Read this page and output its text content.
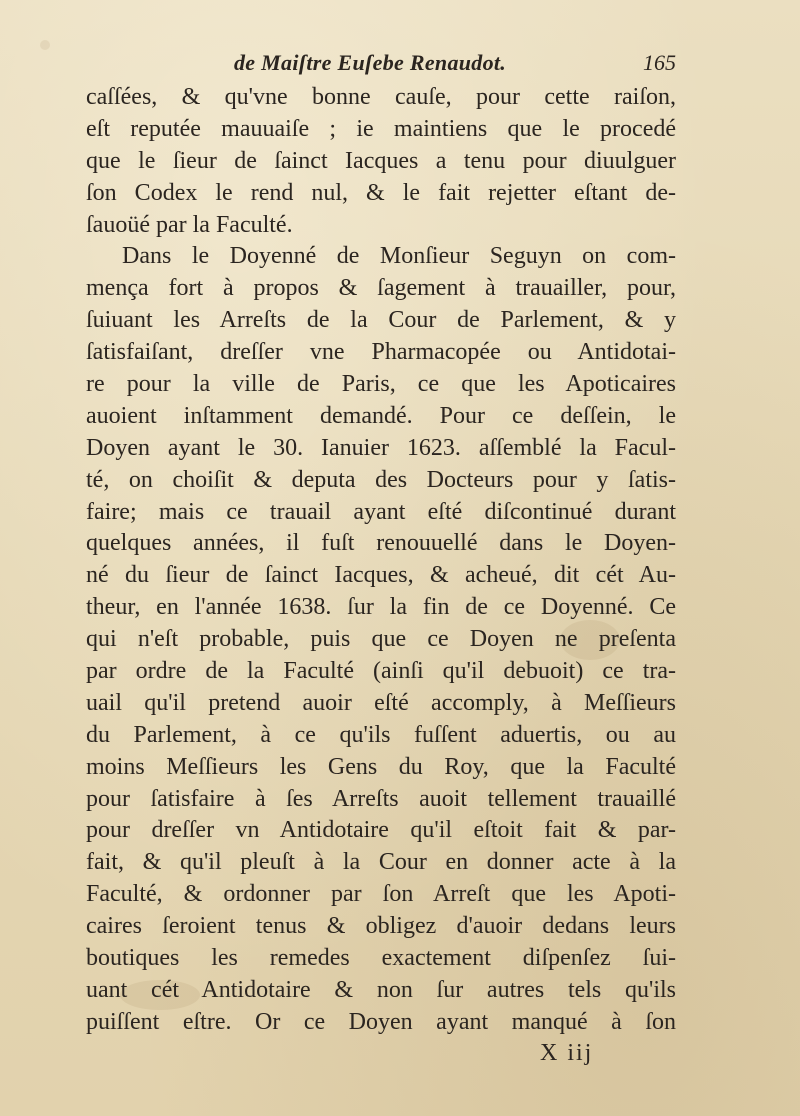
de Maiſtre Euſebe Renaudot.	165
caſſées, & qu'vne bonne cauſe, pour cette raiſon,
eſt reputée mauuaiſe ; ie maintiens que le procedé
que le ſieur de ſainct Iacques a tenu pour diuulguer
ſon Codex le rend nul, & le fait rejetter eſtant de-
ſauoüé par la Faculté.
Dans le Doyenné de Monſieur Seguyn on com-
mença fort à propos & ſagement à trauailler, pour,
ſuiuant les Arreſts de la Cour de Parlement, & y
ſatisfaiſant, dreſſer vne Pharmacopée ou Antidotai-
re pour la ville de Paris, ce que les Apoticaires
auoient inſtamment demandé. Pour ce deſſein, le
Doyen ayant le 30. Ianuier 1623. aſſemblé la Facul-
té, on choiſit & deputa des Docteurs pour y ſatis-
faire; mais ce trauail ayant eſté diſcontinué durant
quelques années, il fuſt renouuellé dans le Doyen-
né du ſieur de ſainct Iacques, & acheué, dit cét Au-
theur, en l'année 1638. ſur la fin de ce Doyenné. Ce
qui n'eſt probable, puis que ce Doyen ne preſenta
par ordre de la Faculté (ainſi qu'il debuoit) ce tra-
uail qu'il pretend auoir eſté accomply, à Meſſieurs
du Parlement, à ce qu'ils fuſſent aduertis, ou au
moins Meſſieurs les Gens du Roy, que la Faculté
pour ſatisfaire à ſes Arreſts auoit tellement trauaillé
pour dreſſer vn Antidotaire qu'il eſtoit fait & par-
fait, & qu'il pleuſt à la Cour en donner acte à la
Faculté, & ordonner par ſon Arreſt que les Apoti-
caires ſeroient tenus & obligez d'auoir dedans leurs
boutiques les remedes exactement diſpenſez ſui-
uant cét Antidotaire & non ſur autres tels qu'ils
puiſſent eſtre. Or ce Doyen ayant manqué à ſon
X iij
